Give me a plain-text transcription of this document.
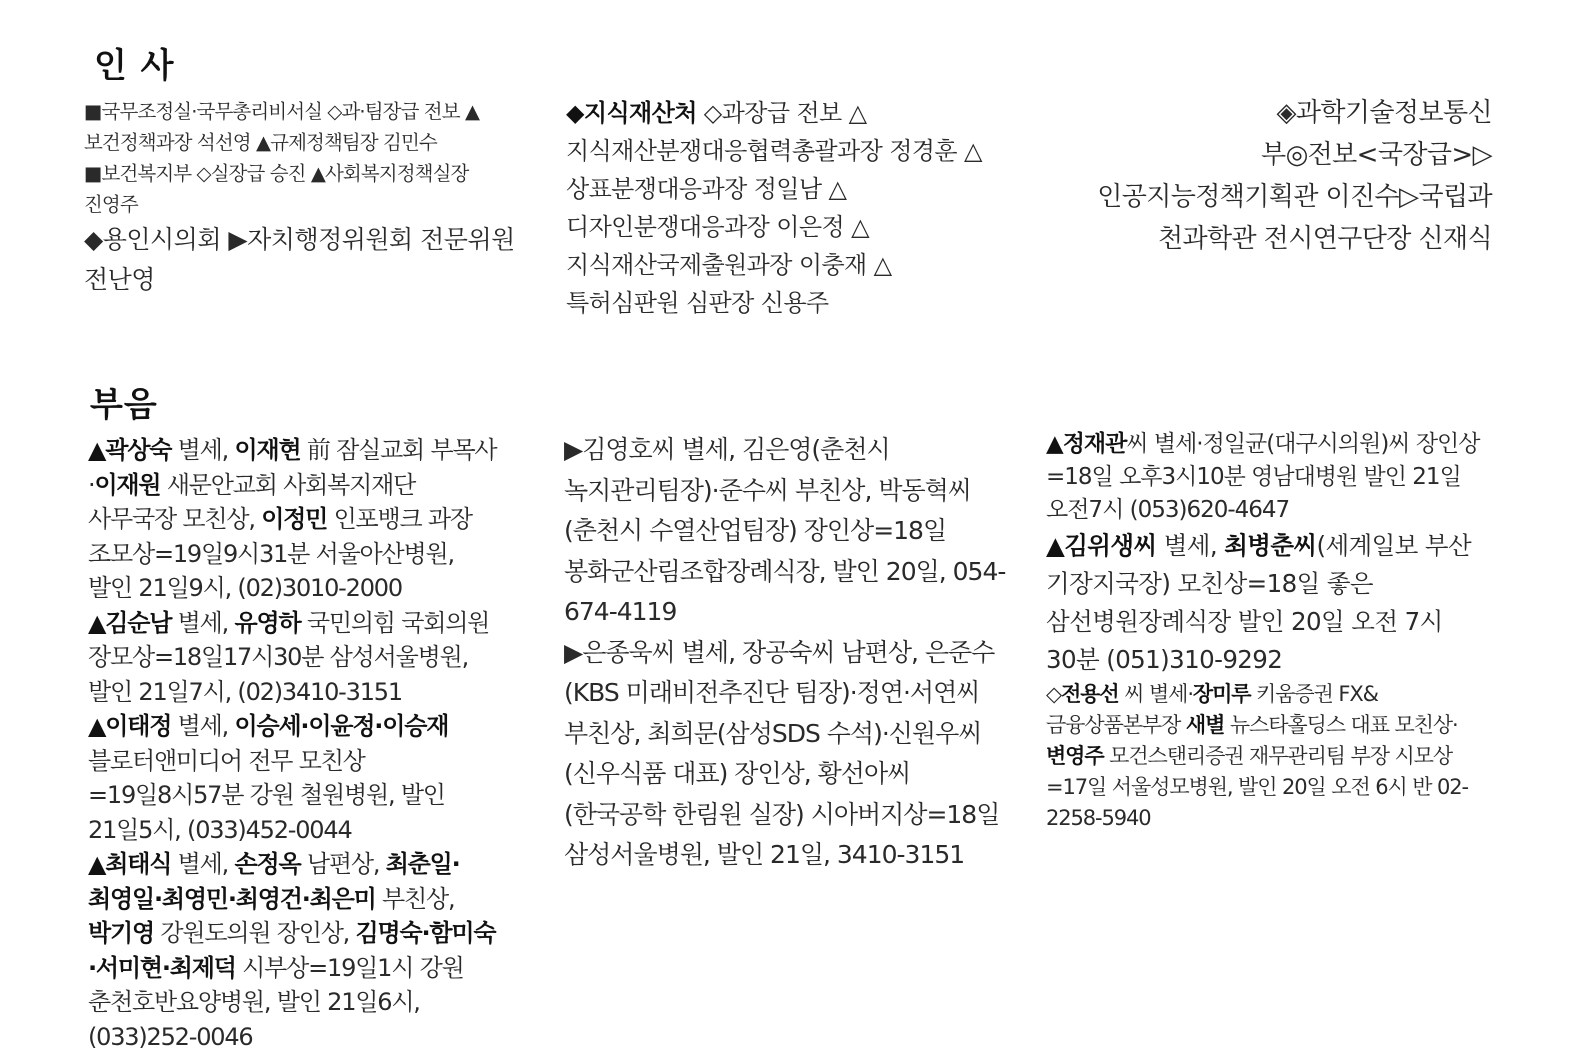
인 사

■국무조정실·국무총리비서실 ◇과·팀장급 전보 ▲보건정책과장 석선영 ▲규제정책팀장 김민수

■보건복지부 ◇실장급 승진 ▲사회복지정책실장 진영주

◆용인시의회 ▶자치행정위원회 전문위원 전난영

◆지식재산처 ◇과장급 전보 △지식재산분쟁대응협력총괄과장 정경훈 △상표분쟁대응과장 정일남 △디자인분쟁대응과장 이은정 △지식재산국제출원과장 이충재 △특허심판원 심판장 신용주

◈과학기술정보통신
부◎전보<국장급>▷
인공지능정책기획관 이진수▷국립과
천과학관 전시연구단장 신재식
부음

▲곽상숙 별세, 이재현 前 잠실교회 부목사·이재원 새문안교회 사회복지재단 사무국장 모친상, 이정민 인포뱅크 과장 조모상=19일9시31분 서울아산병원, 발인 21일9시, (02)3010-2000

▲김순남 별세, 유영하 국민의힘 국회의원 장모상=18일17시30분 삼성서울병원, 발인 21일7시, (02)3410-3151

▲이태정 별세, 이승세·이윤정·이승재 블로터앤미디어 전무 모친상=19일8시57분 강원 철원병원, 발인 21일5시, (033)452-0044

▲최태식 별세, 손정옥 남편상, 최춘일·최영일·최영민·최영건·최은미 부친상, 박기영 강원도의원 장인상, 김명숙·함미숙·서미현·최제덕 시부상=19일1시 강원 춘천호반요양병원, 발인 21일6시, (033)252-0046

▶김영호씨 별세, 김은영(춘천시 녹지관리팀장)·준수씨 부친상, 박동혁씨(춘천시 수열산업팀장) 장인상=18일 봉화군산림조합장례식장, 발인 20일, 054-674-4119

▶은종욱씨 별세, 장공숙씨 남편상, 은준수(KBS 미래비전추진단 팀장)·정연·서연씨 부친상, 최희문(삼성SDS 수석)·신원우씨(신우식품 대표) 장인상, 황선아씨(한국공학 한림원 실장) 시아버지상=18일 삼성서울병원, 발인 21일, 3410-3151

▲정재관씨 별세·정일균(대구시의원)씨 장인상=18일 오후3시10분 영남대병원 발인 21일 오전7시 (053)620-4647

▲김위생씨 별세, 최병춘씨(세계일보 부산 기장지국장) 모친상=18일 좋은 삼선병원장례식장 발인 20일 오전 7시 30분 (051)310-9292

◇전용선 씨 별세·장미루 키움증권 FX&금융상품본부장 새별 뉴스타홀딩스 대표 모친상·변영주 모건스탠리증권 재무관리팀 부장 시모상=17일 서울성모병원, 발인 20일 오전 6시 반 02-2258-5940
